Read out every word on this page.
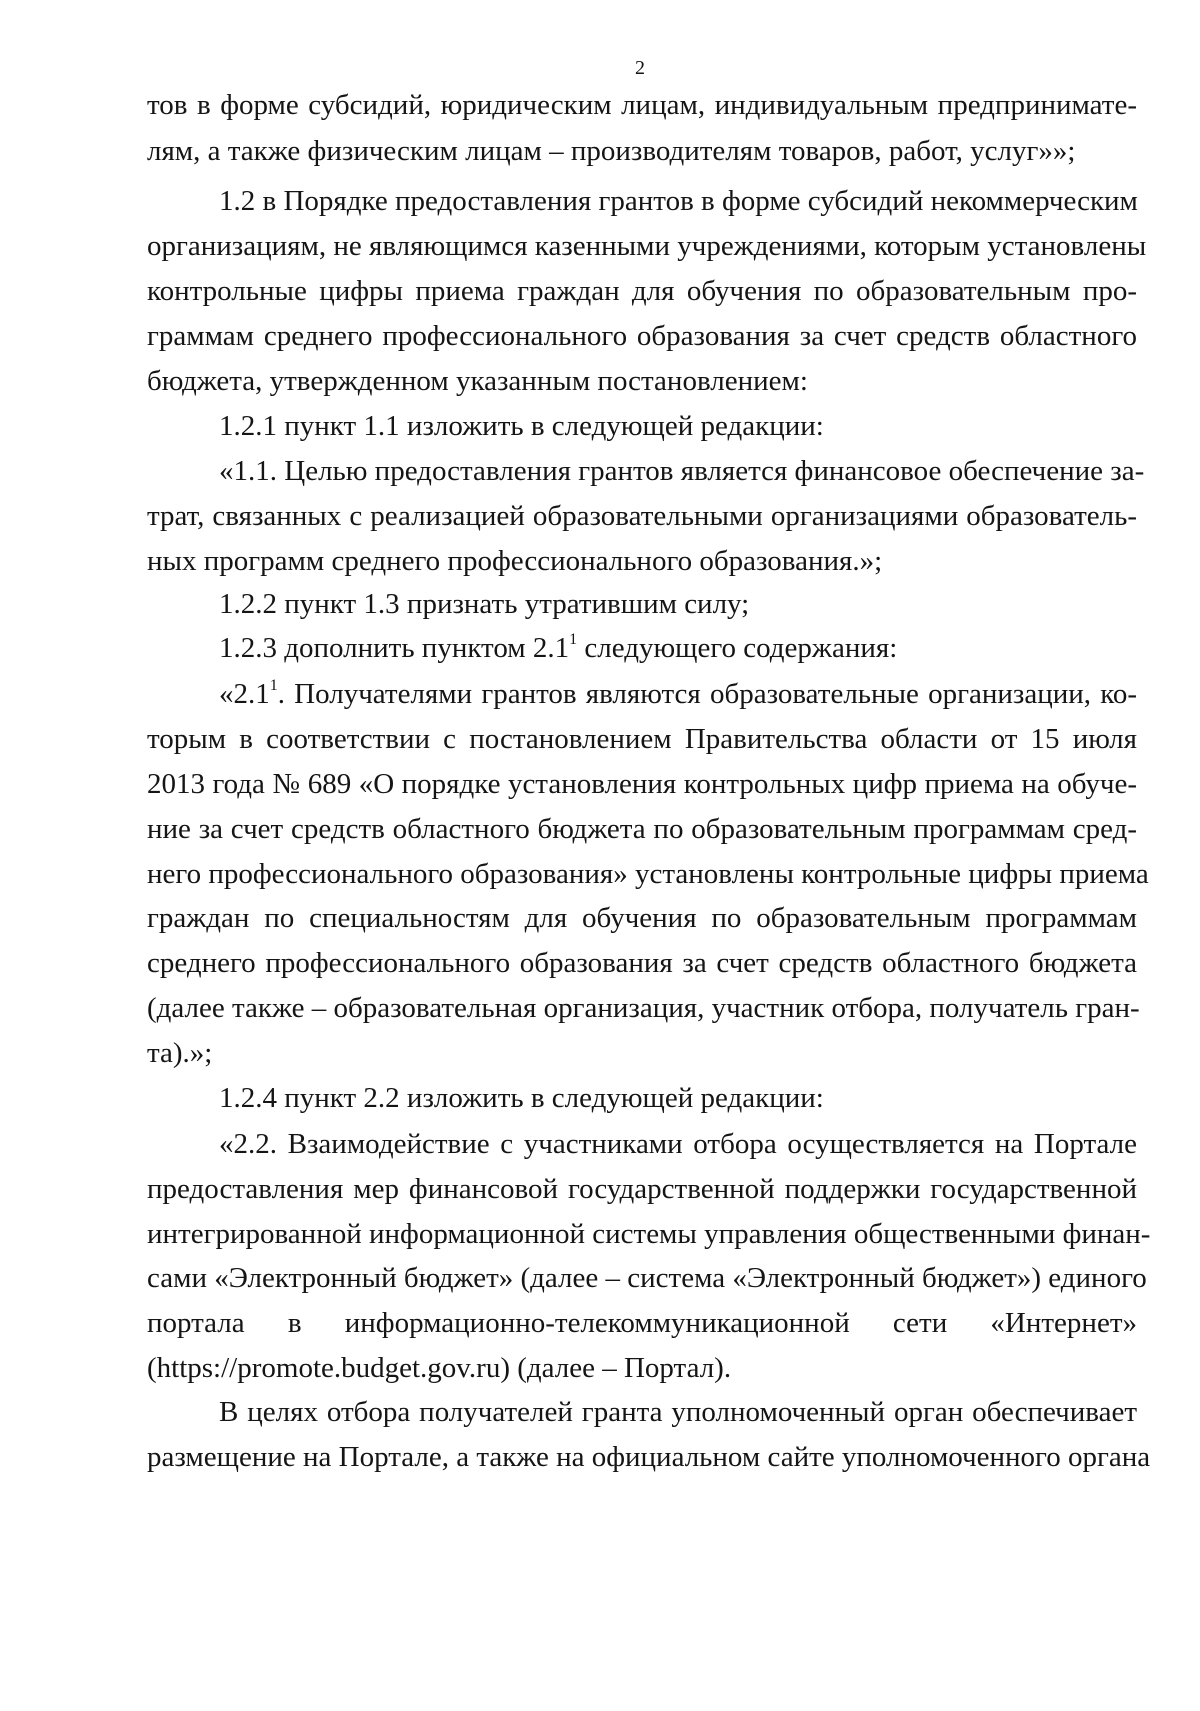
2
тов в форме субсидий, юридическим лицам, индивидуальным предпринимате-
лям, а также физическим лицам – производителям товаров, работ, услуг»»;
1.2 в Порядке предоставления грантов в форме субсидий некоммерческим
организациям, не являющимся казенными учреждениями, которым установлены
контрольные цифры приема граждан для обучения по образовательным про-
граммам среднего профессионального образования за счет средств областного
бюджета, утвержденном указанным постановлением:
1.2.1 пункт 1.1 изложить в следующей редакции:
«1.1. Целью предоставления грантов является финансовое обеспечение за-
трат, связанных с реализацией образовательными организациями образователь-
ных программ среднего профессионального образования.»;
1.2.2 пункт 1.3 признать утратившим силу;
1.2.3 дополнить пунктом $2.1^1$ следующего содержания:
«$2.1^1$. Получателями грантов являются образовательные организации, ко-
торым в соответствии с постановлением Правительства области от 15 июля
2013 года № 689 «О порядке установления контрольных цифр приема на обуче-
ние за счет средств областного бюджета по образовательным программам сред-
него профессионального образования» установлены контрольные цифры приема
граждан по специальностям для обучения по образовательным программам
среднего профессионального образования за счет средств областного бюджета
(далее также – образовательная организация, участник отбора, получатель гран-
та).»;
1.2.4 пункт 2.2 изложить в следующей редакции:
«2.2. Взаимодействие с участниками отбора осуществляется на Портале
предоставления мер финансовой государственной поддержки государственной
интегрированной информационной системы управления общественными финан-
сами «Электронный бюджет» (далее – система «Электронный бюджет») единого
портала в информационно-телекоммуникационной сети «Интернет»
(https://promote.budget.gov.ru) (далее – Портал).
В целях отбора получателей гранта уполномоченный орган обеспечивает
размещение на Портале, а также на официальном сайте уполномоченного органа
